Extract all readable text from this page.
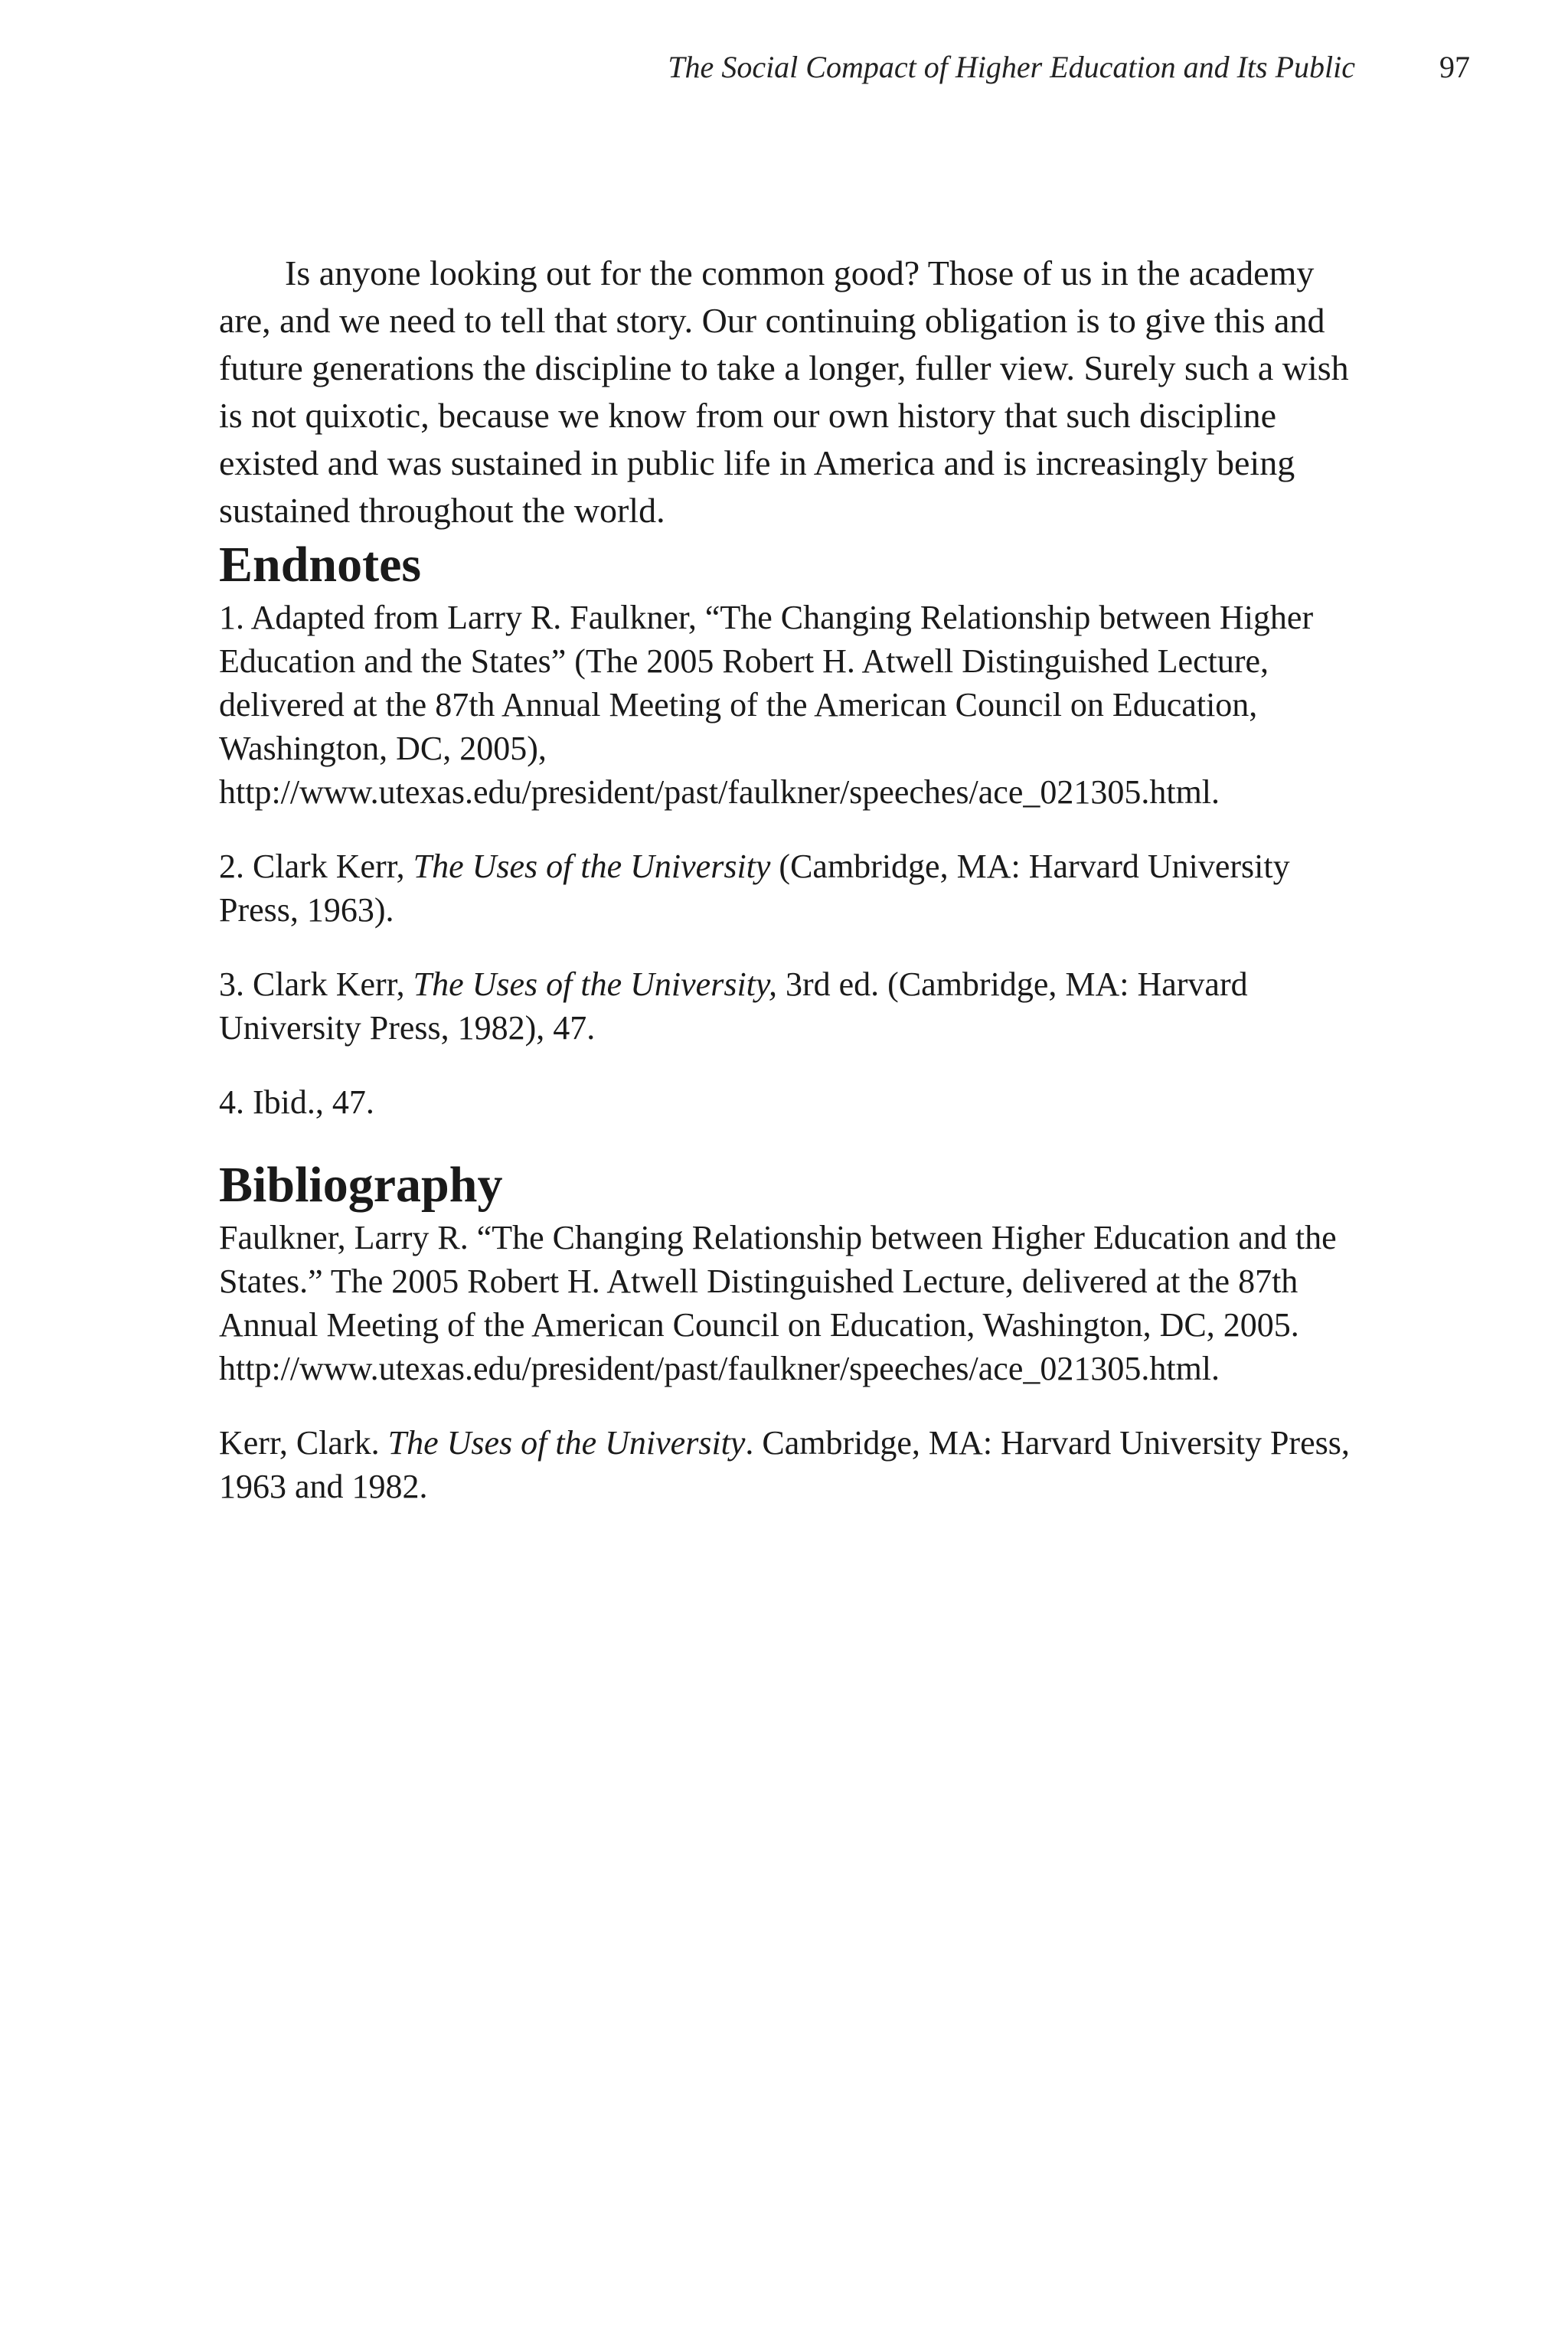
The Social Compact of Higher Education and Its Public	97

Is anyone looking out for the common good? Those of us in the academy are, and we need to tell that story. Our continuing obligation is to give this and future generations the discipline to take a longer, fuller view. Surely such a wish is not quixotic, because we know from our own history that such discipline existed and was sustained in public life in America and is increasingly being sustained throughout the world.

Endnotes

1. Adapted from Larry R. Faulkner, “The Changing Relationship between Higher Education and the States” (The 2005 Robert H. Atwell Distinguished Lecture, delivered at the 87th Annual Meeting of the American Council on Education, Washington, DC, 2005), http://www.utexas.edu/president/past/faulkner/speeches/ace_021305.html.

2. Clark Kerr, The Uses of the University (Cambridge, MA: Harvard University Press, 1963).

3. Clark Kerr, The Uses of the University, 3rd ed. (Cambridge, MA: Harvard University Press, 1982), 47.

4. Ibid., 47.

Bibliography

Faulkner, Larry R. “The Changing Relationship between Higher Education and the States.” The 2005 Robert H. Atwell Distinguished Lecture, delivered at the 87th Annual Meeting of the American Council on Education, Washington, DC, 2005. http://www.utexas.edu/president/past/faulkner/speeches/ace_021305.html.

Kerr, Clark. The Uses of the University. Cambridge, MA: Harvard University Press, 1963 and 1982.
